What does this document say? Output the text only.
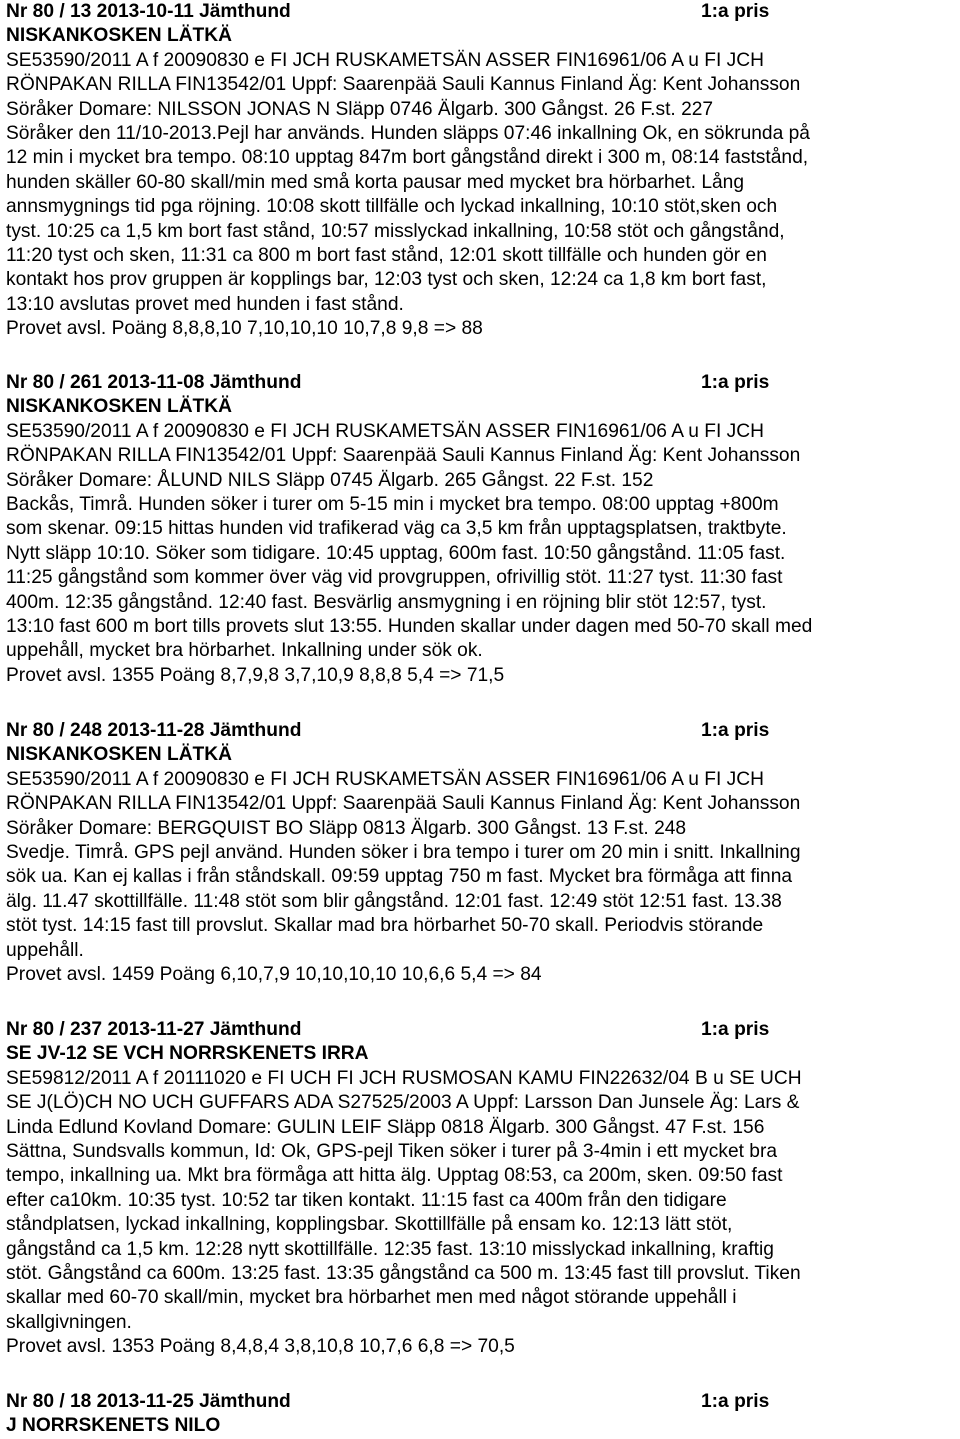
Nr 80 / 13 2013-10-11 Jämthund	1:a pris
NISKANKOSKEN LÄTKÄ
SE53590/2011 A f 20090830 e FI JCH RUSKAMETSÄN ASSER FIN16961/06 A u FI JCH
RÖNPAKAN RILLA FIN13542/01 Uppf: Saarenpää Sauli Kannus Finland Äg: Kent Johansson
Söråker Domare: NILSSON JONAS N Släpp 0746 Älgarb. 300 Gångst. 26 F.st. 227
Söråker den 11/10-2013.Pejl har används. Hunden släpps 07:46 inkallning Ok, en sökrunda på
12 min i mycket bra tempo. 08:10 upptag 847m bort gångstånd direkt i 300 m, 08:14 faststånd,
hunden skäller 60-80 skall/min med små korta pausar med mycket bra hörbarhet. Lång
annsmygnings tid pga röjning. 10:08 skott tillfälle och lyckad inkallning, 10:10 stöt,sken och
tyst. 10:25 ca 1,5 km bort fast stånd, 10:57 misslyckad inkallning, 10:58 stöt och gångstånd,
11:20 tyst och sken, 11:31 ca 800 m bort fast stånd, 12:01 skott tillfälle och hunden gör en
kontakt hos prov gruppen är kopplings bar, 12:03 tyst och sken, 12:24 ca 1,8 km bort fast,
13:10 avslutas provet med hunden i fast stånd.
Provet avsl. Poäng 8,8,8,10 7,10,10,10 10,7,8 9,8 => 88
Nr 80 / 261 2013-11-08 Jämthund	1:a pris
NISKANKOSKEN LÄTKÄ
SE53590/2011 A f 20090830 e FI JCH RUSKAMETSÄN ASSER FIN16961/06 A u FI JCH
RÖNPAKAN RILLA FIN13542/01 Uppf: Saarenpää Sauli Kannus Finland Äg: Kent Johansson
Söråker Domare: ÅLUND NILS Släpp 0745 Älgarb. 265 Gångst. 22 F.st. 152
Backås, Timrå. Hunden söker i turer om 5-15 min i mycket bra tempo. 08:00 upptag +800m
som skenar. 09:15 hittas hunden vid trafikerad väg ca 3,5 km från upptagsplatsen, traktbyte.
Nytt släpp 10:10. Söker som tidigare. 10:45 upptag, 600m fast. 10:50 gångstånd. 11:05 fast.
11:25 gångstånd som kommer över väg vid provgruppen, ofrivillig stöt. 11:27 tyst. 11:30 fast
400m. 12:35 gångstånd. 12:40 fast. Besvärlig ansmygning i en röjning blir stöt 12:57, tyst.
13:10 fast 600 m bort tills provets slut 13:55. Hunden skallar under dagen med 50-70 skall med
uppehåll, mycket bra hörbarhet. Inkallning under sök ok.
Provet avsl. 1355 Poäng 8,7,9,8 3,7,10,9 8,8,8 5,4 => 71,5
Nr 80 / 248 2013-11-28 Jämthund	1:a pris
NISKANKOSKEN LÄTKÄ
SE53590/2011 A f 20090830 e FI JCH RUSKAMETSÄN ASSER FIN16961/06 A u FI JCH
RÖNPAKAN RILLA FIN13542/01 Uppf: Saarenpää Sauli Kannus Finland Äg: Kent Johansson
Söråker Domare: BERGQUIST BO Släpp 0813 Älgarb. 300 Gångst. 13 F.st. 248
Svedje. Timrå. GPS pejl använd. Hunden söker i bra tempo i turer om 20 min i snitt. Inkallning
sök ua. Kan ej kallas i från ståndskall. 09:59 upptag 750 m fast. Mycket bra förmåga att finna
älg. 11.47 skottillfälle. 11:48 stöt som blir gångstånd. 12:01 fast. 12:49 stöt 12:51 fast. 13.38
stöt tyst. 14:15 fast till provslut. Skallar mad bra hörbarhet 50-70 skall. Periodvis störande
uppehåll.
Provet avsl. 1459 Poäng 6,10,7,9 10,10,10,10 10,6,6 5,4 => 84
Nr 80 / 237 2013-11-27 Jämthund	1:a pris
SE JV-12 SE VCH NORRSKENETS IRRA
SE59812/2011 A f 20111020 e FI UCH FI JCH RUSMOSAN KAMU FIN22632/04 B u SE UCH
SE J(LÖ)CH NO UCH GUFFARS ADA S27525/2003 A Uppf: Larsson Dan Junsele Äg: Lars &
Linda Edlund Kovland Domare: GULIN LEIF Släpp 0818 Älgarb. 300 Gångst. 47 F.st. 156
Sättna, Sundsvalls kommun, Id: Ok, GPS-pejl Tiken söker i turer på 3-4min i ett mycket bra
tempo, inkallning ua. Mkt bra förmåga att hitta älg. Upptag 08:53, ca 200m, sken. 09:50 fast
efter ca10km. 10:35 tyst. 10:52 tar tiken kontakt. 11:15 fast ca 400m från den tidigare
ståndplatsen, lyckad inkallning, kopplingsbar. Skottillfälle på ensam ko. 12:13 lätt stöt,
gångstånd ca 1,5 km. 12:28 nytt skottillfälle. 12:35 fast. 13:10 misslyckad inkallning, kraftig
stöt. Gångstånd ca 600m. 13:25 fast. 13:35 gångstånd ca 500 m. 13:45 fast till provslut. Tiken
skallar med 60-70 skall/min, mycket bra hörbarhet men med något störande uppehåll i
skallgivningen.
Provet avsl. 1353 Poäng 8,4,8,4 3,8,10,8 10,7,6 6,8 => 70,5
Nr 80 / 18 2013-11-25 Jämthund	1:a pris
J NORRSKENETS NILO
